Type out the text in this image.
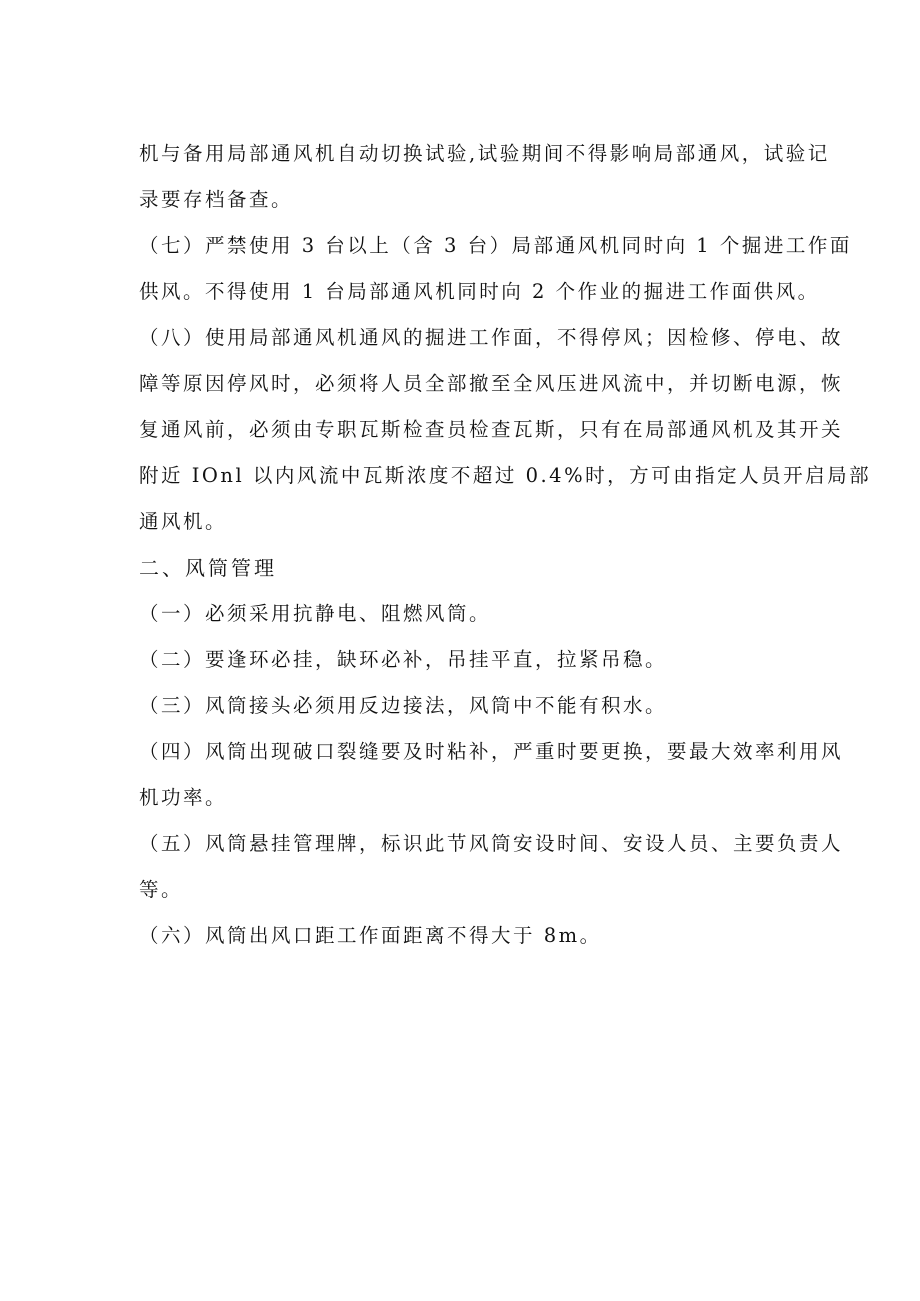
机与备用局部通风机自动切换试验,试验期间不得影响局部通风，试验记
录要存档备查。
（七）严禁使用 3 台以上（含 3 台）局部通风机同时向 1 个掘进工作面
供风。不得使用 1 台局部通风机同时向 2 个作业的掘进工作面供风。
（八）使用局部通风机通风的掘进工作面，不得停风；因检修、停电、故
障等原因停风时，必须将人员全部撤至全风压进风流中，并切断电源，恢
复通风前，必须由专职瓦斯检查员检查瓦斯，只有在局部通风机及其开关
附近 IOnl 以内风流中瓦斯浓度不超过 0.4%时，方可由指定人员开启局部
通风机。
二、风筒管理
（一）必须采用抗静电、阻燃风筒。
（二）要逢环必挂，缺环必补，吊挂平直，拉紧吊稳。
（三）风筒接头必须用反边接法，风筒中不能有积水。
（四）风筒出现破口裂缝要及时粘补，严重时要更换，要最大效率利用风
机功率。
（五）风筒悬挂管理牌，标识此节风筒安设时间、安设人员、主要负责人
等。
（六）风筒出风口距工作面距离不得大于 8m。
